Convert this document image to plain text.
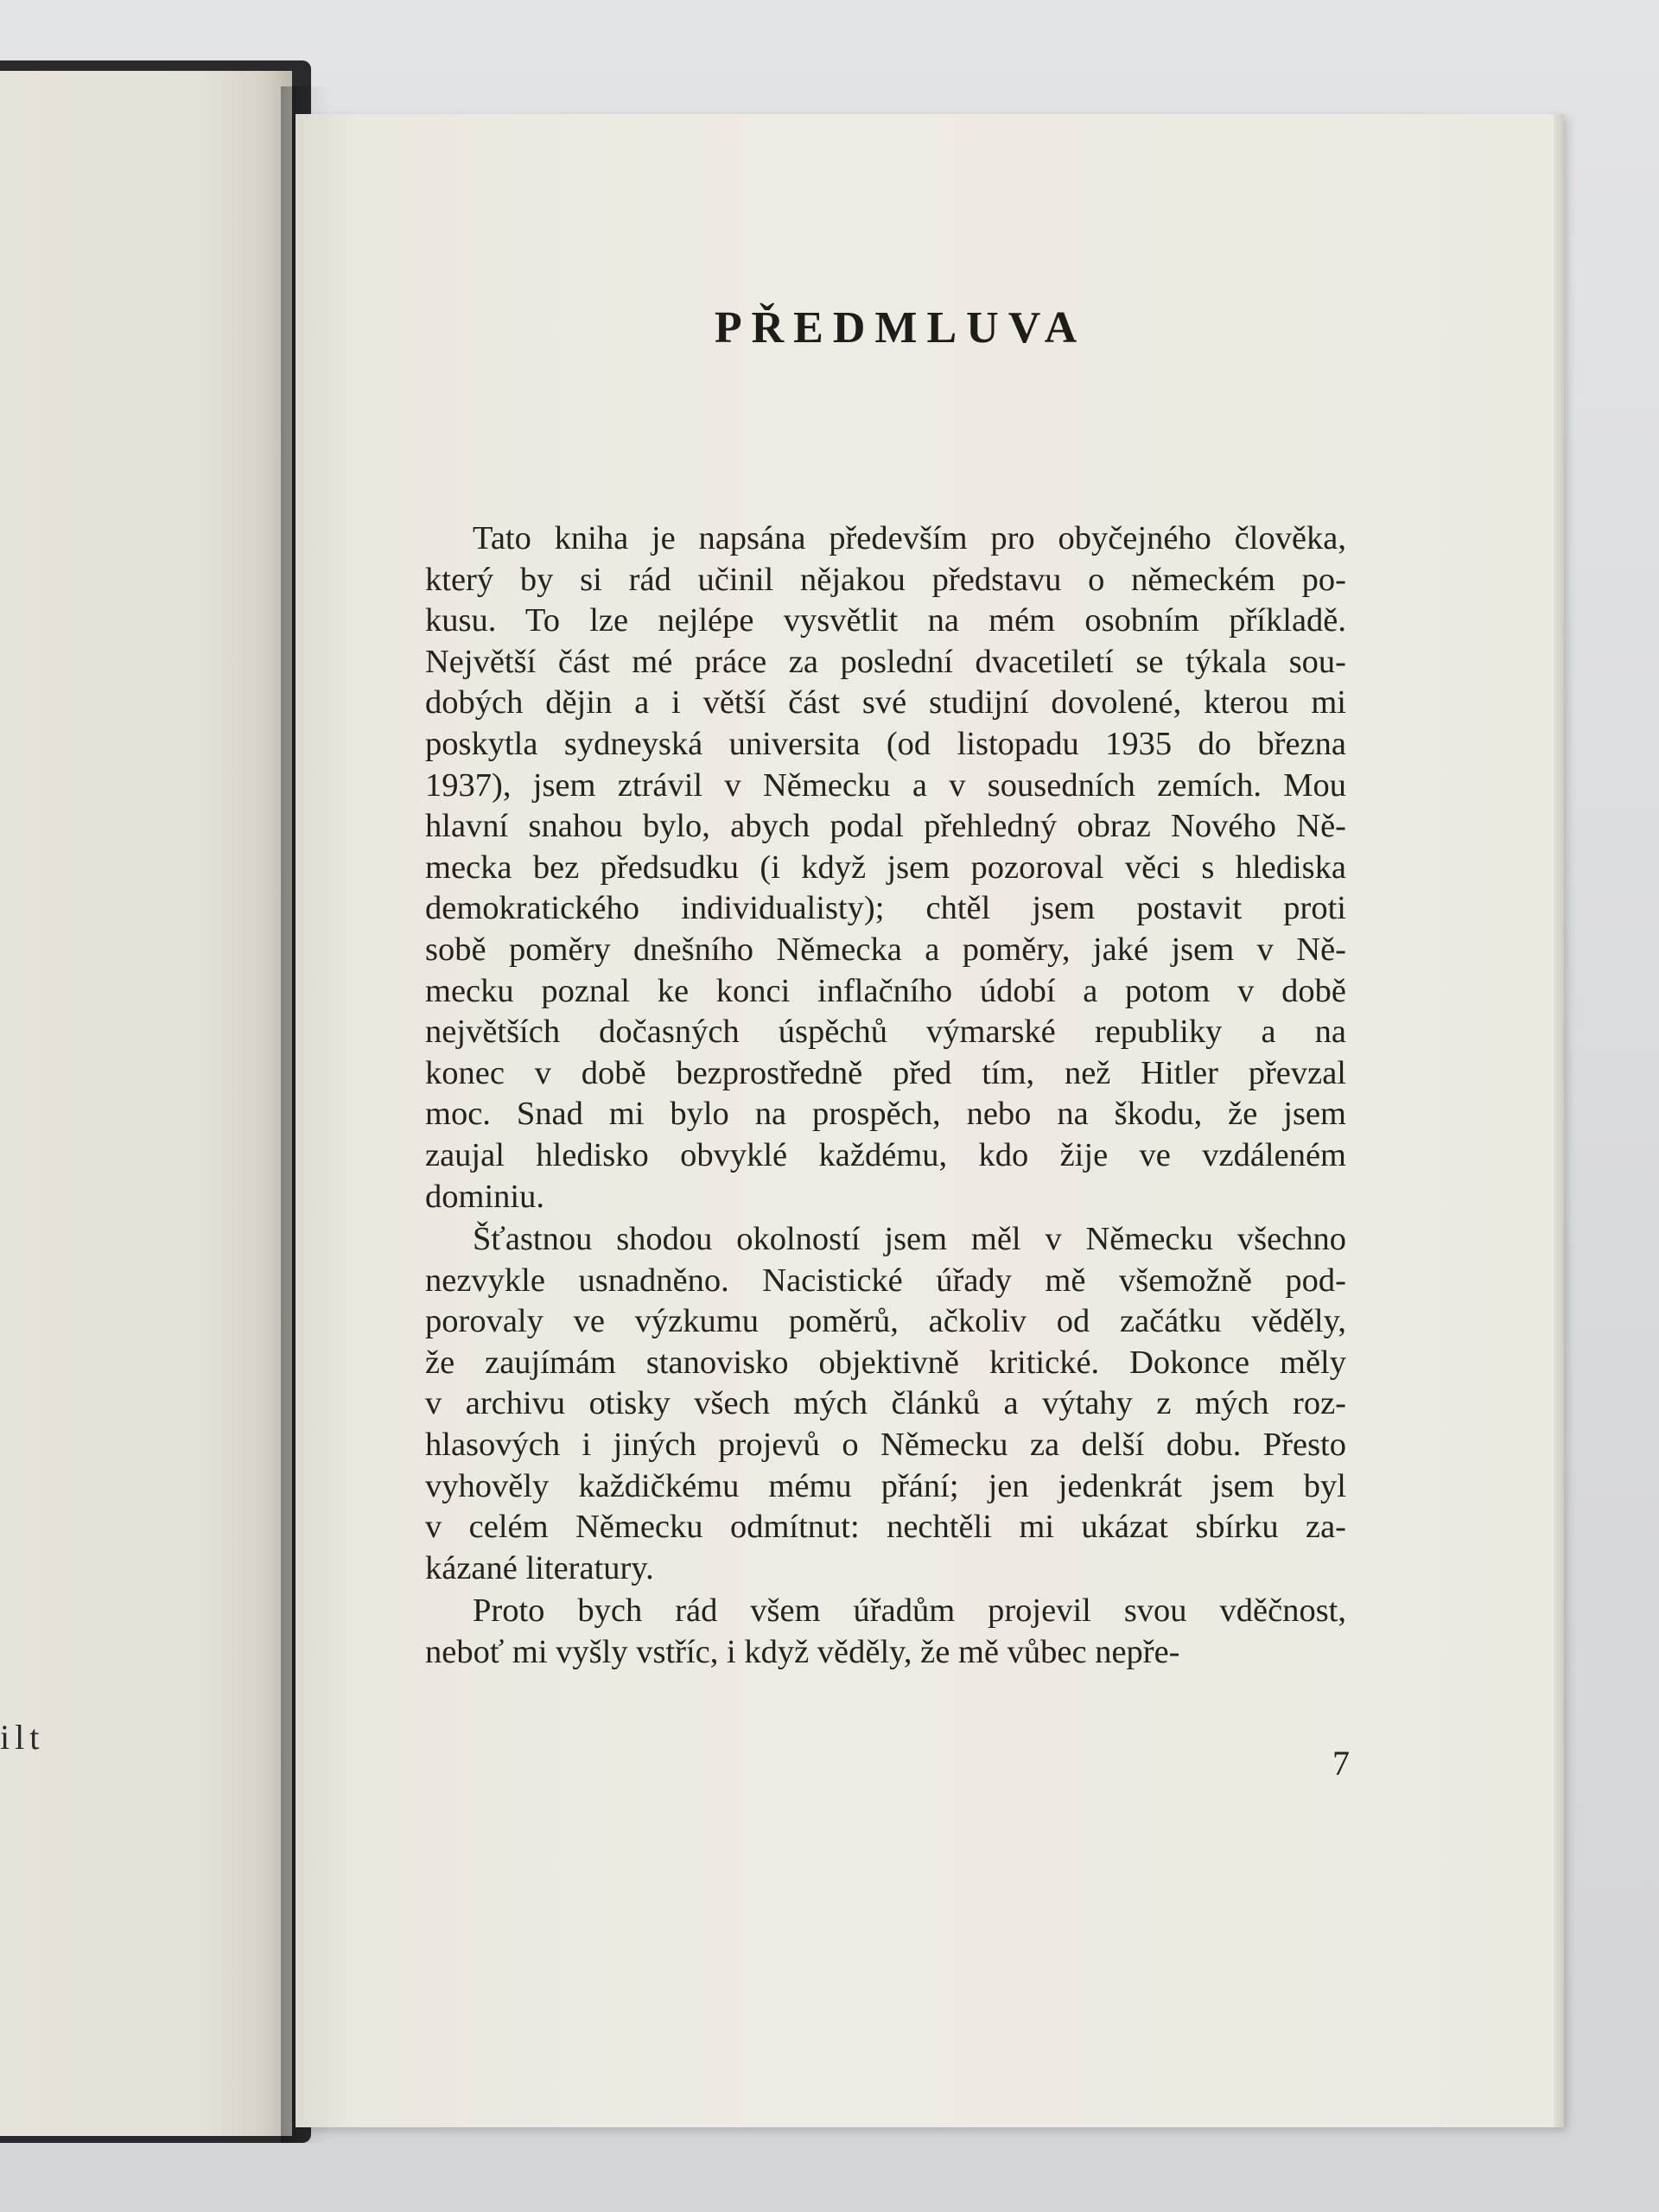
ilt
PŘEDMLUVA
Tato kniha je napsána především pro obyčejného člověka,
který by si rád učinil nějakou představu o německém po-
kusu. To lze nejlépe vysvětlit na mém osobním příkladě.
Největší část mé práce za poslední dvacetiletí se týkala sou-
dobých dějin a i větší část své studijní dovolené, kterou mi
poskytla sydneyská universita (od listopadu 1935 do března
1937), jsem ztrávil v Německu a v sousedních zemích. Mou
hlavní snahou bylo, abych podal přehledný obraz Nového Ně-
mecka bez předsudku (i když jsem pozoroval věci s hlediska
demokratického individualisty); chtěl jsem postavit proti
sobě poměry dnešního Německa a poměry, jaké jsem v Ně-
mecku poznal ke konci inflačního údobí a potom v době
největších dočasných úspěchů výmarské republiky a na
konec v době bezprostředně před tím, než Hitler převzal
moc. Snad mi bylo na prospěch, nebo na škodu, že jsem
zaujal hledisko obvyklé každému, kdo žije ve vzdáleném
dominiu.
Šťastnou shodou okolností jsem měl v Německu všechno
nezvykle usnadněno. Nacistické úřady mě všemožně pod-
porovaly ve výzkumu poměrů, ačkoliv od začátku věděly,
že zaujímám stanovisko objektivně kritické. Dokonce měly
v archivu otisky všech mých článků a výtahy z mých roz-
hlasových i jiných projevů o Německu za delší dobu. Přesto
vyhověly každičkému mému přání; jen jedenkrát jsem byl
v celém Německu odmítnut: nechtěli mi ukázat sbírku za-
kázané literatury.
Proto bych rád všem úřadům projevil svou vděčnost,
neboť mi vyšly vstříc, i když věděly, že mě vůbec nepře-

7
